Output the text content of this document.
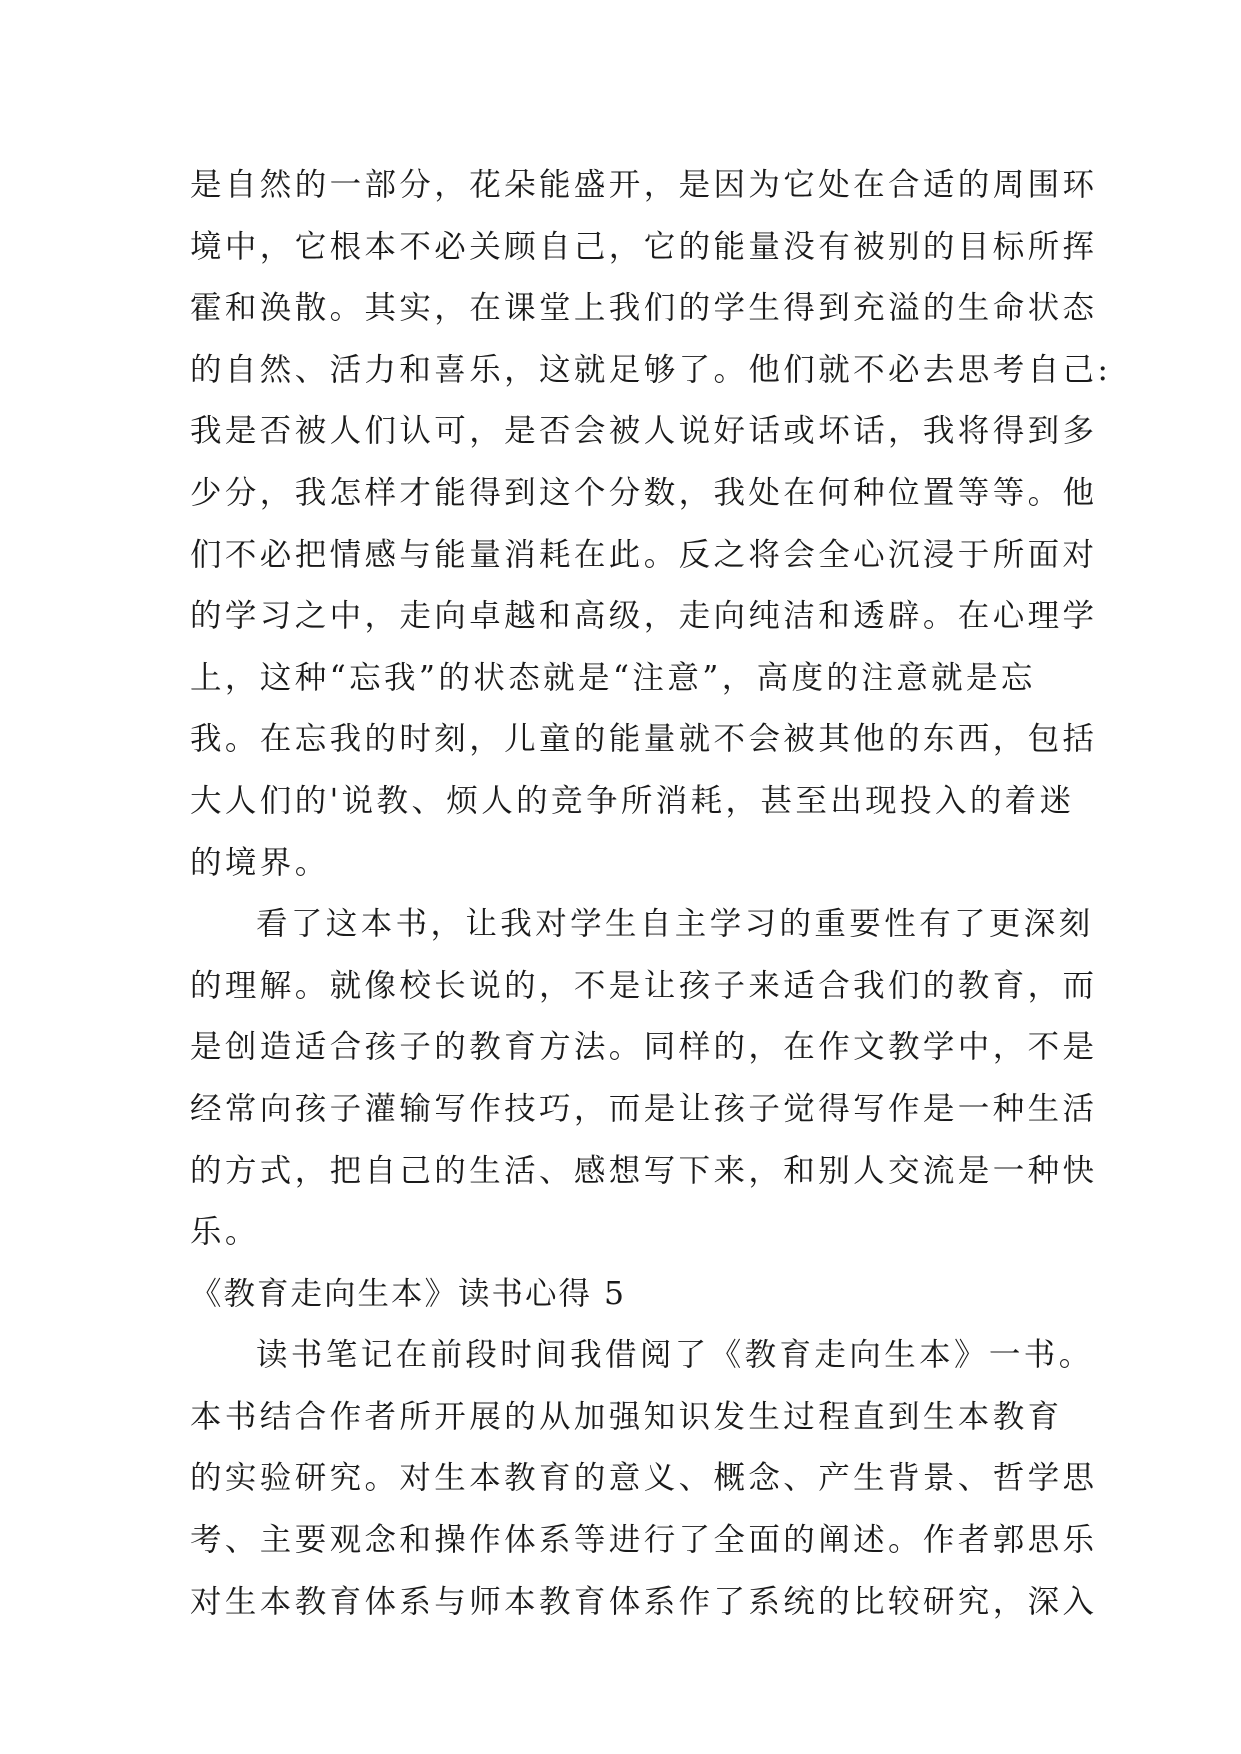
是自然的一部分，花朵能盛开，是因为它处在合适的周围环
境中，它根本不必关顾自己，它的能量没有被别的目标所挥
霍和涣散。其实，在课堂上我们的学生得到充溢的生命状态
的自然、活力和喜乐，这就足够了。他们就不必去思考自己:
我是否被人们认可，是否会被人说好话或坏话，我将得到多
少分，我怎样才能得到这个分数，我处在何种位置等等。他
们不必把情感与能量消耗在此。反之将会全心沉浸于所面对
的学习之中，走向卓越和高级，走向纯洁和透辟。在心理学
上，这种“忘我”的状态就是“注意”，高度的注意就是忘
我。在忘我的时刻，儿童的能量就不会被其他的东西，包括
大人们的'说教、烦人的竞争所消耗，甚至出现投入的着迷
的境界。
看了这本书，让我对学生自主学习的重要性有了更深刻
的理解。就像校长说的，不是让孩子来适合我们的教育，而
是创造适合孩子的教育方法。同样的，在作文教学中，不是
经常向孩子灌输写作技巧，而是让孩子觉得写作是一种生活
的方式，把自己的生活、感想写下来，和别人交流是一种快
乐。
《教育走向生本》读书心得 5
读书笔记在前段时间我借阅了《教育走向生本》一书。
本书结合作者所开展的从加强知识发生过程直到生本教育
的实验研究。对生本教育的意义、概念、产生背景、哲学思
考、主要观念和操作体系等进行了全面的阐述。作者郭思乐
对生本教育体系与师本教育体系作了系统的比较研究，深入
